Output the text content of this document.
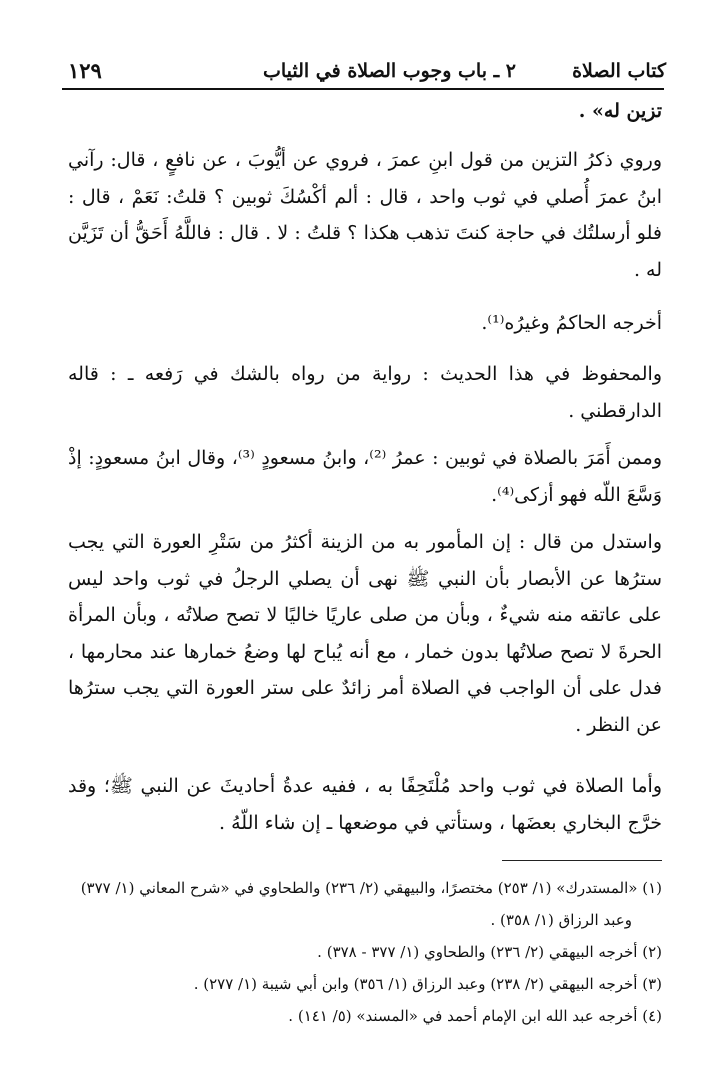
كتاب الصلاة
٢ ـ باب وجوب الصلاة في الثياب
١٢٩
تزين له» .

وروي ذكرُ التزين من قول ابنِ عمرَ ، فروي عن أيُّوبَ ، عن نافعٍ ، قال: رآني ابنُ عمرَ أُصلي في ثوب واحد ، قال : ألم أكْسُكَ ثوبين ؟ قلتُ: نَعَمْ ، قال : فلو أرسلتُك في حاجة كنتَ تذهب هكذا ؟ قلتُ : لا . قال : فاللَّهُ أَحَقُّ أن تَزَيَّن له .

أخرجه الحاكمُ وغيرُه⁽¹⁾.

والمحفوظ في هذا الحديث : رواية من رواه بالشك في رَفعه ـ : قاله الدارقطني .

وممن أَمَرَ بالصلاة في ثوبين : عمرُ ⁽²⁾، وابنُ مسعودٍ ⁽³⁾، وقال ابنُ مسعودٍ: إذْ وَسَّعَ اللّه فهو أزكى⁽⁴⁾.

واستدل من قال : إن المأمور به من الزينة أكثرُ من سَتْرِ العورة التي يجب سترُها عن الأبصار بأن النبي ﷺ نهى أن يصلي الرجلُ في ثوب واحد ليس على عاتقه منه شيءٌ ، وبأن من صلى عاريًا خاليًا لا تصح صلاتُه ، وبأن المرأة الحرةَ لا تصح صلاتُها بدون خمار ، مع أنه يُباح لها وضعُ خمارها عند محارمها ، فدل على أن الواجب في الصلاة أمر زائدٌ على ستر العورة التي يجب سترُها عن النظر .

وأما الصلاة في ثوب واحد مُلْتَحِفًا به ، ففيه عدةُ أحاديثَ عن النبي ﷺ؛ وقد خرَّج البخاري بعضَها ، وستأتي في موضعها ـ إن شاء اللّهُ .

(١) «المستدرك» (١/ ٢٥٣) مختصرًا، والبيهقي (٢/ ٢٣٦) والطحاوي في «شرح المعاني (١/ ٣٧٧)

وعبد الرزاق (١/ ٣٥٨) .

(٢) أخرجه البيهقي (٢/ ٢٣٦) والطحاوي (١/ ٣٧٧ - ٣٧٨) .

(٣) أخرجه البيهقي (٢/ ٢٣٨) وعبد الرزاق (١/ ٣٥٦) وابن أبي شيبة (١/ ٢٧٧) .

(٤) أخرجه عبد الله ابن الإمام أحمد في «المسند» (٥/ ١٤١) .
